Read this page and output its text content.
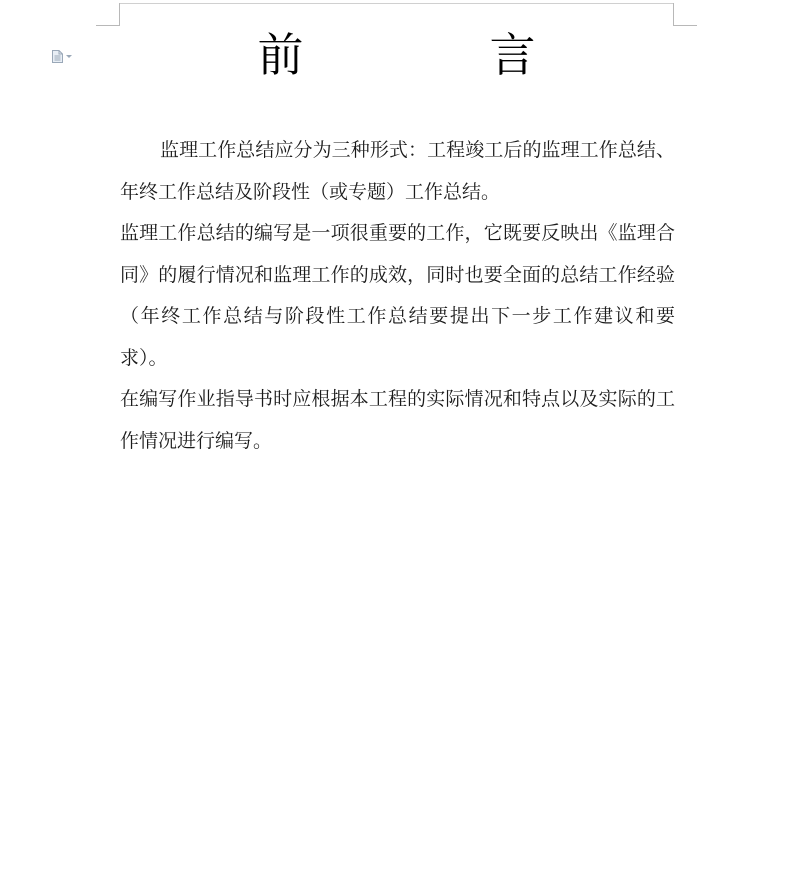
前　言

监理工作总结应分为三种形式：工程竣工后的监理工作总结、年终工作总结及阶段性（或专题）工作总结。

监理工作总结的编写是一项很重要的工作，它既要反映出《监理合同》的履行情况和监理工作的成效，同时也要全面的总结工作经验（年终工作总结与阶段性工作总结要提出下一步工作建议和要求）。

在编写作业指导书时应根据本工程的实际情况和特点以及实际的工作情况进行编写。
